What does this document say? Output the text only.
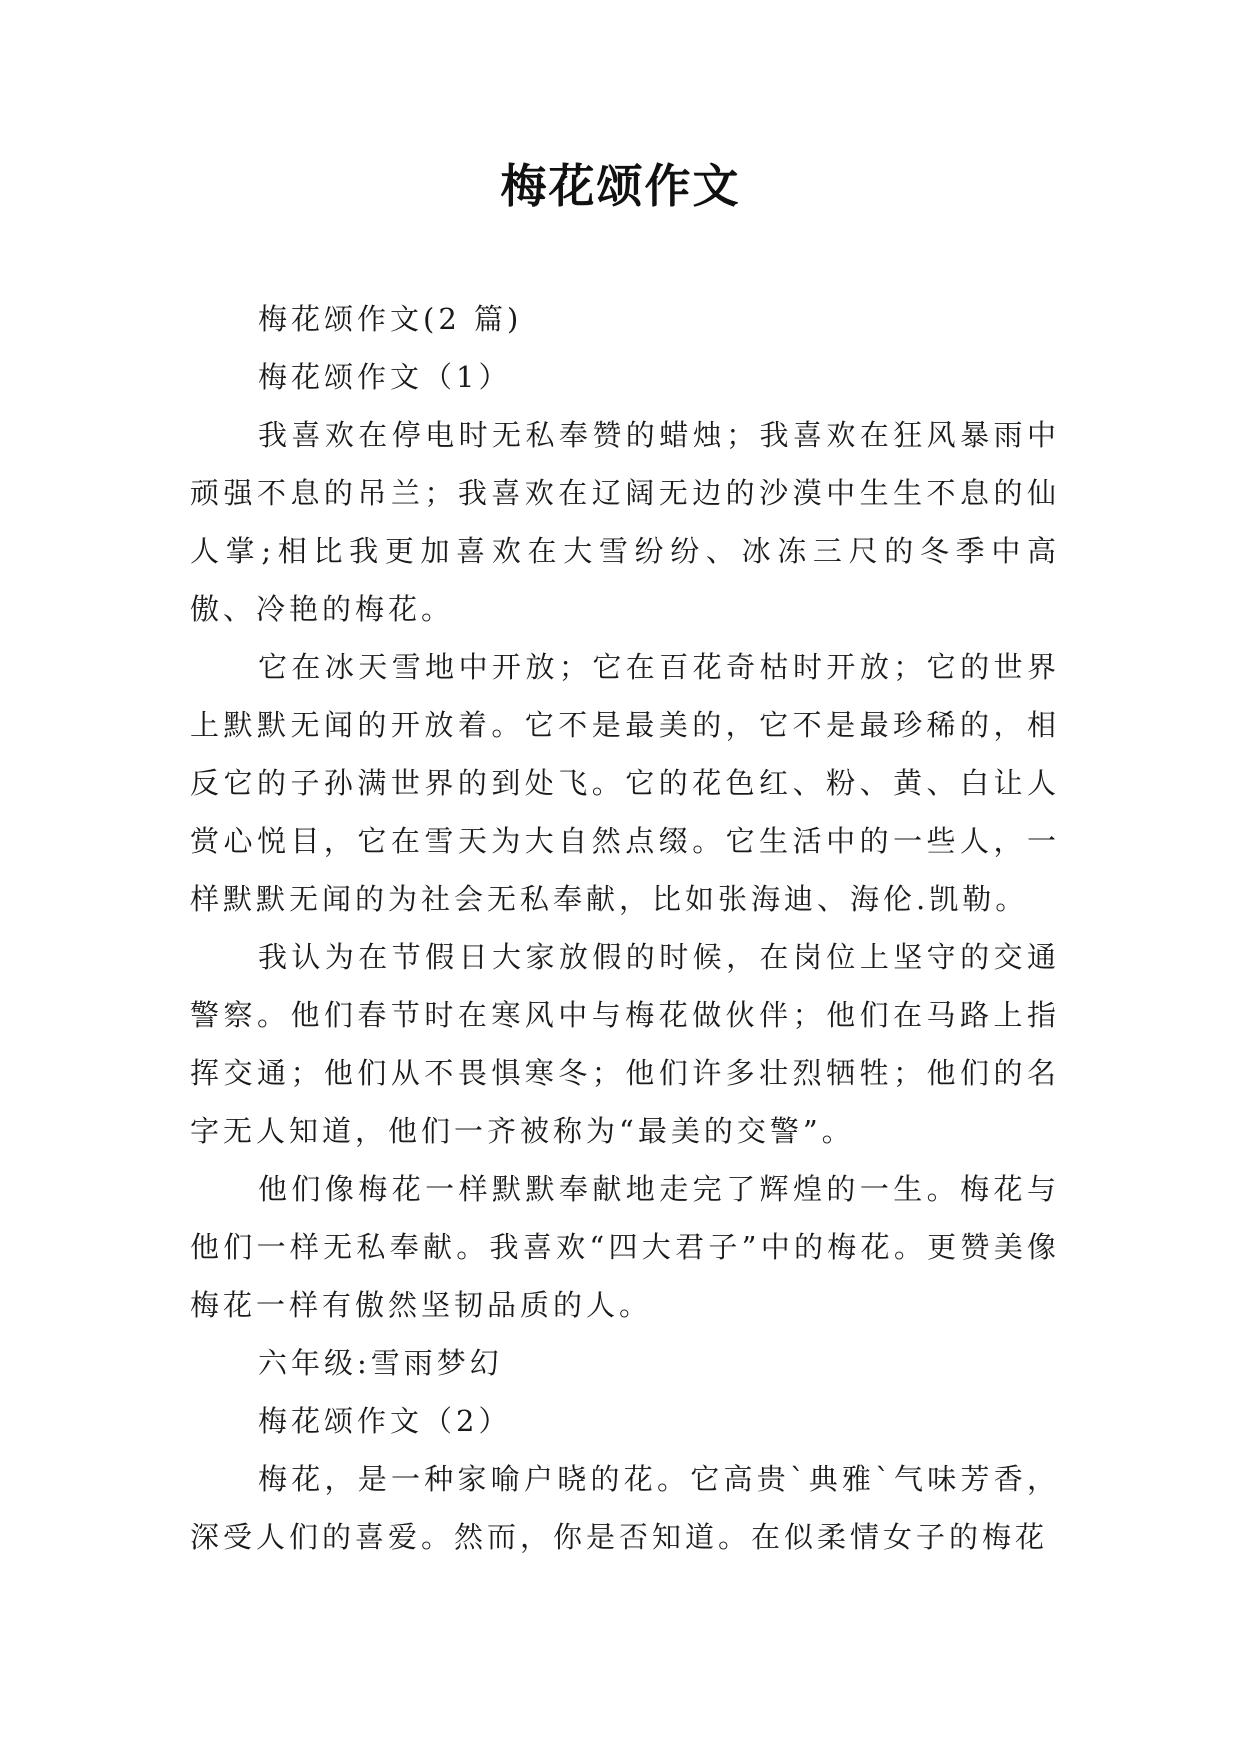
梅花颂作文

梅花颂作文(2 篇)

梅花颂作文（1）

我喜欢在停电时无私奉赞的蜡烛；我喜欢在狂风暴雨中顽强不息的吊兰；我喜欢在辽阔无边的沙漠中生生不息的仙人掌;相比我更加喜欢在大雪纷纷、冰冻三尺的冬季中高傲、冷艳的梅花。

它在冰天雪地中开放；它在百花奇枯时开放；它的世界上默默无闻的开放着。它不是最美的，它不是最珍稀的，相反它的子孙满世界的到处飞。它的花色红、粉、黄、白让人赏心悦目，它在雪天为大自然点缀。它生活中的一些人，一样默默无闻的为社会无私奉献，比如张海迪、海伦.凯勒。

我认为在节假日大家放假的时候，在岗位上坚守的交通警察。他们春节时在寒风中与梅花做伙伴；他们在马路上指挥交通；他们从不畏惧寒冬；他们许多壮烈牺牲；他们的名字无人知道，他们一齐被称为“最美的交警”。

他们像梅花一样默默奉献地走完了辉煌的一生。梅花与他们一样无私奉献。我喜欢“四大君子”中的梅花。更赞美像梅花一样有傲然坚韧品质的人。

六年级:雪雨梦幻

梅花颂作文（2）

梅花，是一种家喻户晓的花。它高贵`典雅`气味芳香，深受人们的喜爱。然而，你是否知道。在似柔情女子的梅花
